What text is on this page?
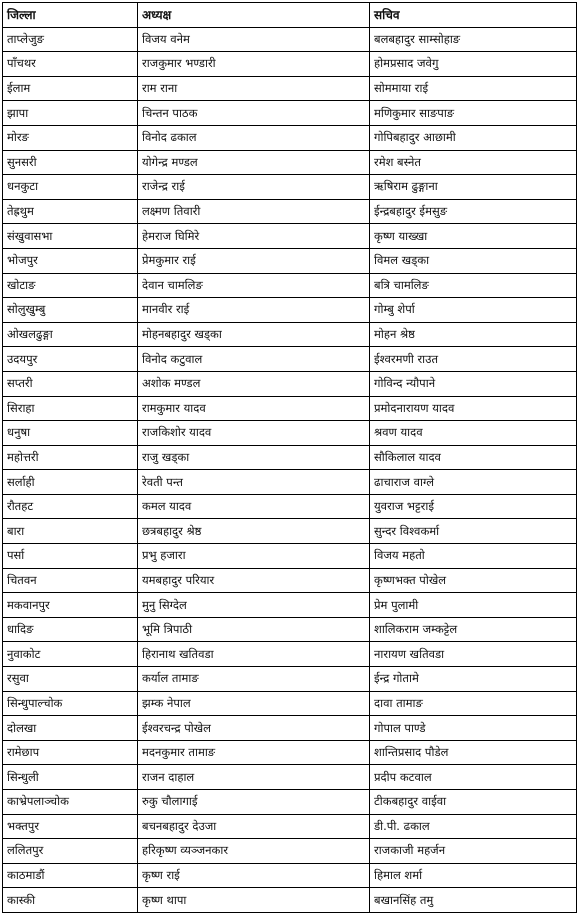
जिल्ला	अध्यक्ष	सचिव
ताप्लेजुङ	विजय वनेम	बलबहादुर साम्सोहाङ
पाँचथर	राजकुमार भण्डारी	होमप्रसाद जवेगु
ईलाम	राम राना	सोममाया राई
झापा	चिन्तन पाठक	मणिकुमार साङपाङ
मोरङ	विनोद ढकाल	गोपिबहादुर आछामी
सुनसरी	योगेन्द्र मण्डल	रमेश बस्नेत
धनकुटा	राजेन्द्र राई	ऋषिराम ढुङ्गाना
तेह्रथुम	लक्ष्मण तिवारी	ईन्द्रबहादुर ईमसुङ
संखुवासभा	हेमराज घिमिरे	कृष्ण याख्खा
भोजपुर	प्रेमकुमार राई	विमल खड्का
खोटाङ	देवान चामलिङ	बत्रि चामलिङ
सोलुखुम्बु	मानवीर राई	गोम्बु शेर्पा
ओखलढुङ्गा	मोहनबहादुर खड्का	मोहन श्रेष्ठ
उदयपुर	विनोद कटुवाल	ईश्वरमणी राउत
सप्तरी	अशोक मण्डल	गोविन्द न्यौपाने
सिराहा	रामकुमार यादव	प्रमोदनारायण यादव
धनुषा	राजकिशोर यादव	श्रवण यादव
महोत्तरी	राजु खड्का	सौकिलाल यादव
सर्लाही	रेवती पन्त	ढाचाराज वाग्ले
रौतहट	कमल यादव	युवराज भट्टराई
बारा	छत्रबहादुर श्रेष्ठ	सुन्दर विश्वकर्मा
पर्सा	प्रभु हजारा	विजय महतो
चितवन	यमबहादुर परियार	कृष्णभक्त पोखेल
मकवानपुर	मुनु सिग्देल	प्रेम पुलामी
धादिङ	भूमि त्रिपाठी	शालिकराम जम्कट्टेल
नुवाकोट	हिरानाथ खतिवडा	नारायण खतिवडा
रसुवा	कर्याल तामाङ	ईन्द्र गोतामे
सिन्धुपाल्चोक	झम्क नेपाल	दावा तामाङ
दोलखा	ईश्वरचन्द्र पोखेल	गोपाल पाण्डे
रामेछाप	मदनकुमार तामाङ	शान्तिप्रसाद पौडेल
सिन्धुली	राजन दाहाल	प्रदीप कटवाल
काभ्रेपलाञ्चोक	रुकु चौलागाई	टीकबहादुर वाईवा
भक्तपुर	बचनबहादुर देउजा	डी.पी. ढकाल
ललितपुर	हरिकृष्ण व्यञ्जनकार	राजकाजी महर्जन
काठमाडौं	कृष्ण राई	हिमाल शर्मा
कास्की	कृष्ण थापा	बखानसिंह तमु
